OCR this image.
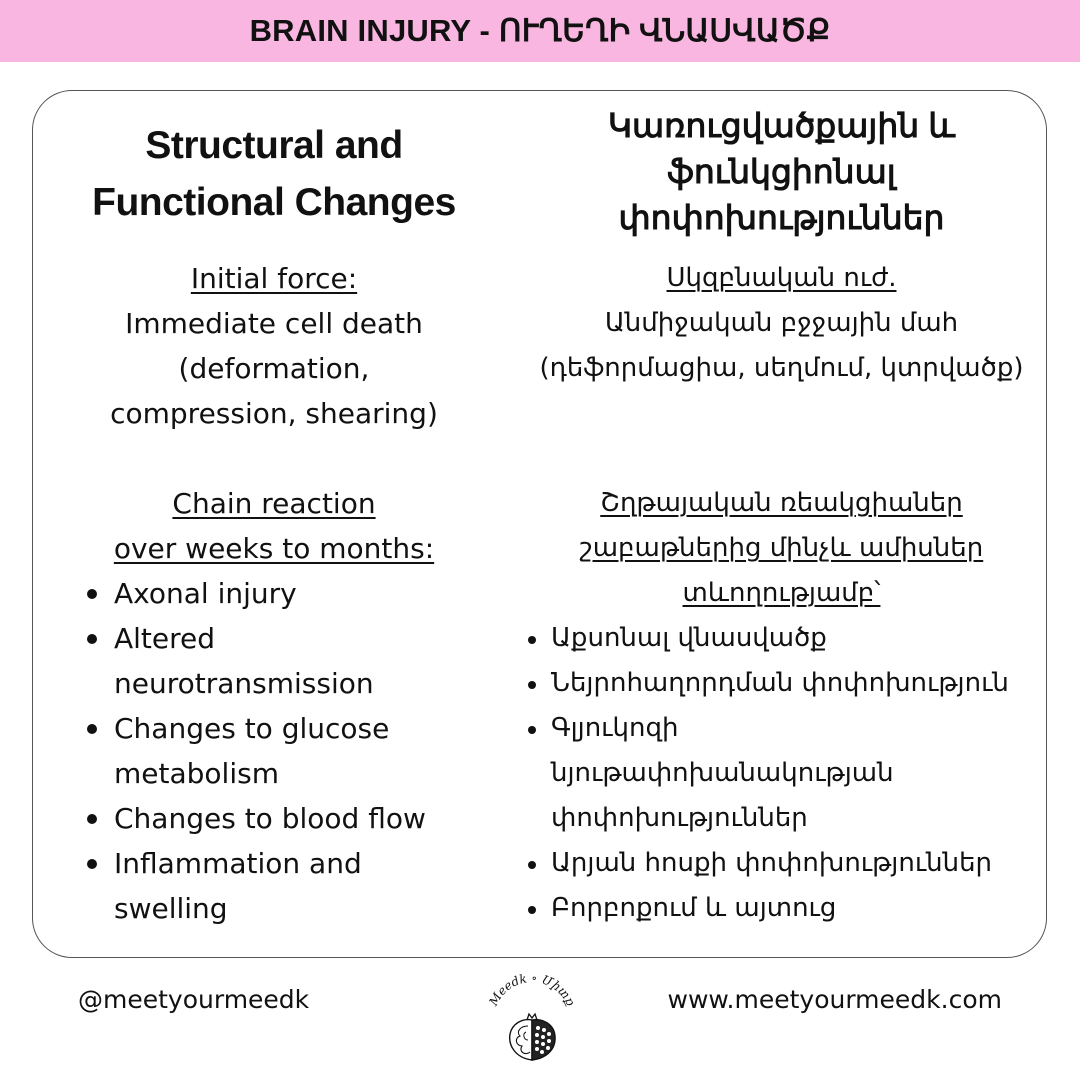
BRAIN INJURY - ՈՒՂԵՂԻ ՎՆԱՍՎԱԾՔ
Structural and
Functional Changes
Initial force:
Immediate cell death
(deformation,
compression, shearing)
Chain reaction
over weeks to months:
Axonal injury
Altered
neurotransmission
Changes to glucose
metabolism
Changes to blood flow
Inflammation and
swelling
Կառուցվածքային և
ֆունկցիոնալ
փոփոխություններ
Սկզբնական ուժ.
Անմիջական բջջային մահ
(դեֆորմացիա, սեղմում, կտրվածք)
Շղթայական ռեակցիաներ
շաբաթներից մինչև ամիսներ
տևողությամբ՝
Աքսոնալ վնասվածք
Նեյրոհաղորդման փոփոխություն
Գլյուկոզի
նյութափոխանակության
փոփոխություններ
Արյան հոսքի փոփոխություններ
Բորբոքում և այտուց
@meetyourmeedk	Meedk ∘ Միտք	www.meetyourmeedk.com
